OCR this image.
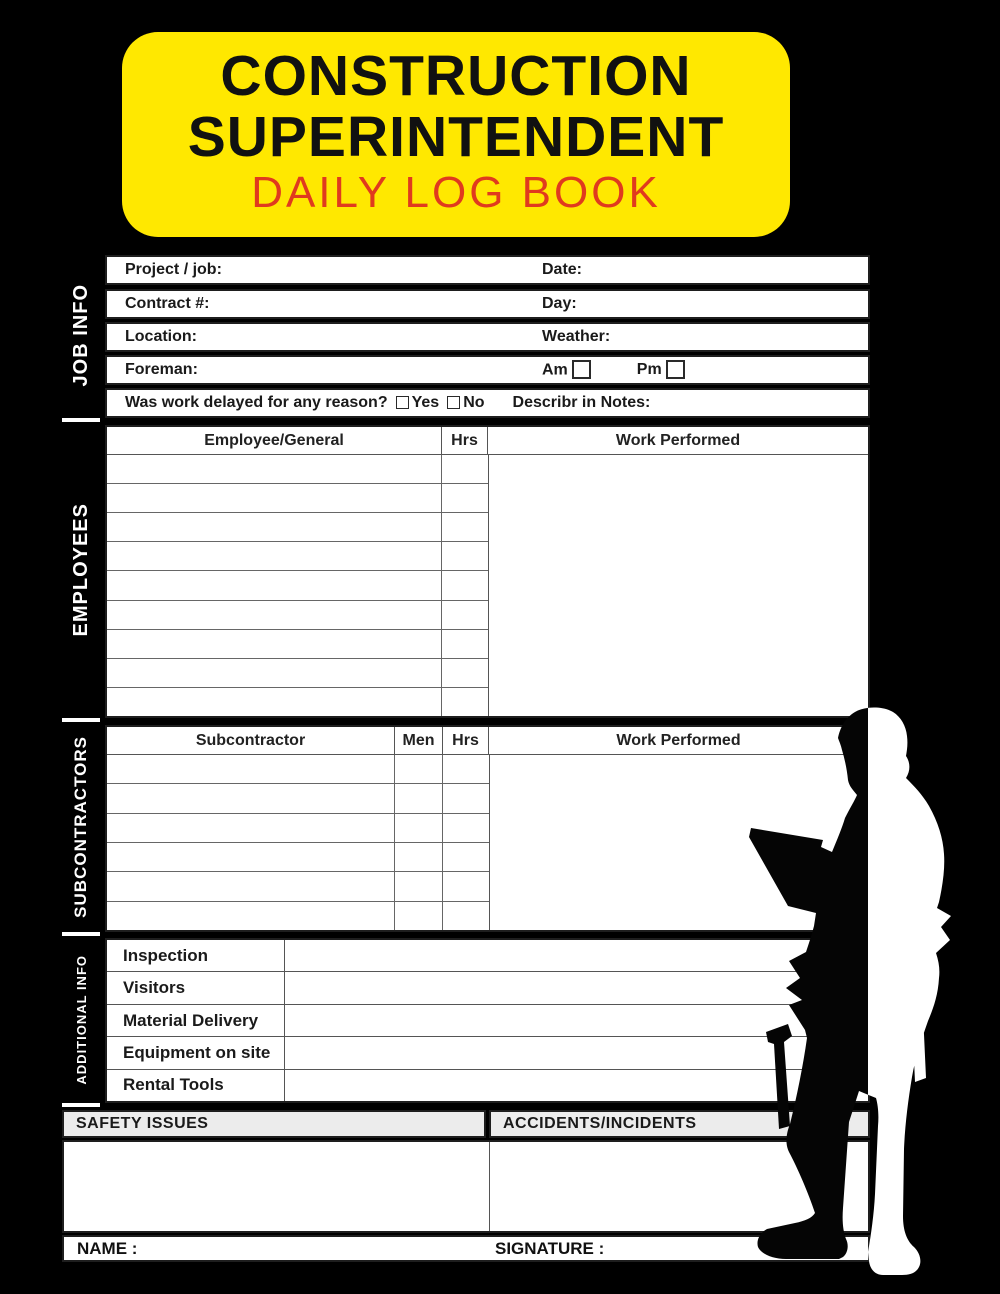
CONSTRUCTION
SUPERINTENDENT
DAILY LOG BOOK
JOB INFO
EMPLOYEES
SUBCONTRACTORS
ADDITIONAL INFO
Project / job:	Date:
Contract #:	Day:
Location:	Weather:
Foreman:	Am	Pm
Was work delayed for any reason? Yes No Describr in Notes:
Employee/General	Hrs	Work Performed
Subcontractor	Men	Hrs	Work Performed
Inspection
Visitors
Material Delivery
Equipment on site
Rental Tools
SAFETY ISSUES	ACCIDENTS/INCIDENTS
NAME :	SIGNATURE :
